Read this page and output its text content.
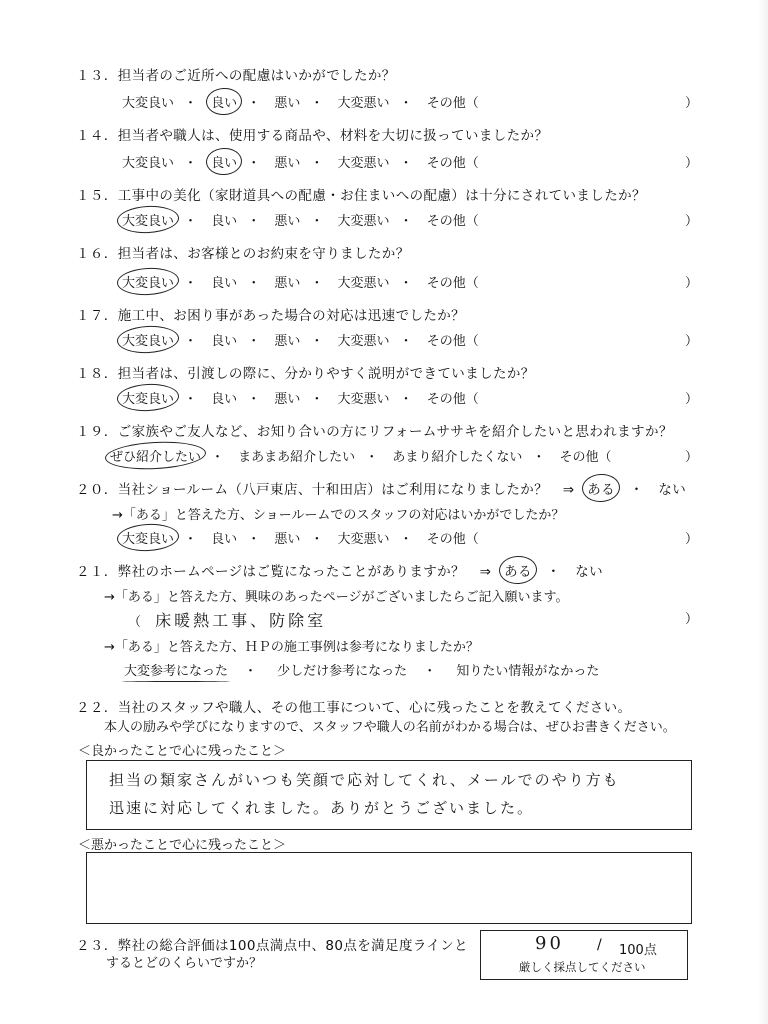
１３．担当者のご近所への配慮はいかがでしたか？
大変良い ・ 良い ・ 悪い ・ 大変悪い ・ その他（	）
１４．担当者や職人は、使用する商品や、材料を大切に扱っていましたか？
大変良い ・ 良い ・ 悪い ・ 大変悪い ・ その他（	）
１５．工事中の美化（家財道具への配慮・お住まいへの配慮）は十分にされていましたか？
大変良い ・ 良い ・ 悪い ・ 大変悪い ・ その他（	）
１６．担当者は、お客様とのお約束を守りましたか？
大変良い ・ 良い ・ 悪い ・ 大変悪い ・ その他（	）
１７．施工中、お困り事があった場合の対応は迅速でしたか？
大変良い ・ 良い ・ 悪い ・ 大変悪い ・ その他（	）
１８．担当者は、引渡しの際に、分かりやすく説明ができていましたか？
大変良い ・ 良い ・ 悪い ・ 大変悪い ・ その他（	）
１９．ご家族やご友人など、お知り合いの方にリフォームササキを紹介したいと思われますか？
ぜひ紹介したい ・ まあまあ紹介したい ・ あまり紹介したくない ・ その他（	）
２０．当社ショールーム（八戸東店、十和田店）はご利用になりましたか？ ⇒ ある ・ ない
→「ある」と答えた方、ショールームでのスタッフの対応はいかがでしたか？
大変良い ・ 良い ・ 悪い ・ 大変悪い ・ その他（	）
２１．弊社のホームページはご覧になったことがありますか？ ⇒ ある ・ ない
→「ある」と答えた方、興味のあったページがございましたらご記入願います。
（ 床暖熱工事、防除室	）
→「ある」と答えた方、ＨＰの施工事例は参考になりましたか？
大変参考になった ・ 少しだけ参考になった ・ 知りたい情報がなかった
２２．当社のスタッフや職人、その他工事について、心に残ったことを教えてください。
本人の励みや学びになりますので、スタッフや職人の名前がわかる場合は、ぜひお書きください。
＜良かったことで心に残ったこと＞
担当の類家さんがいつも笑顔で応対してくれ、メールでのやり方も
迅速に対応してくれました。ありがとうございました。
＜悪かったことで心に残ったこと＞
２３．弊社の総合評価は100点満点中、80点を満足度ラインと
するとどのくらいですか？
90 / 100点
厳しく採点してください
